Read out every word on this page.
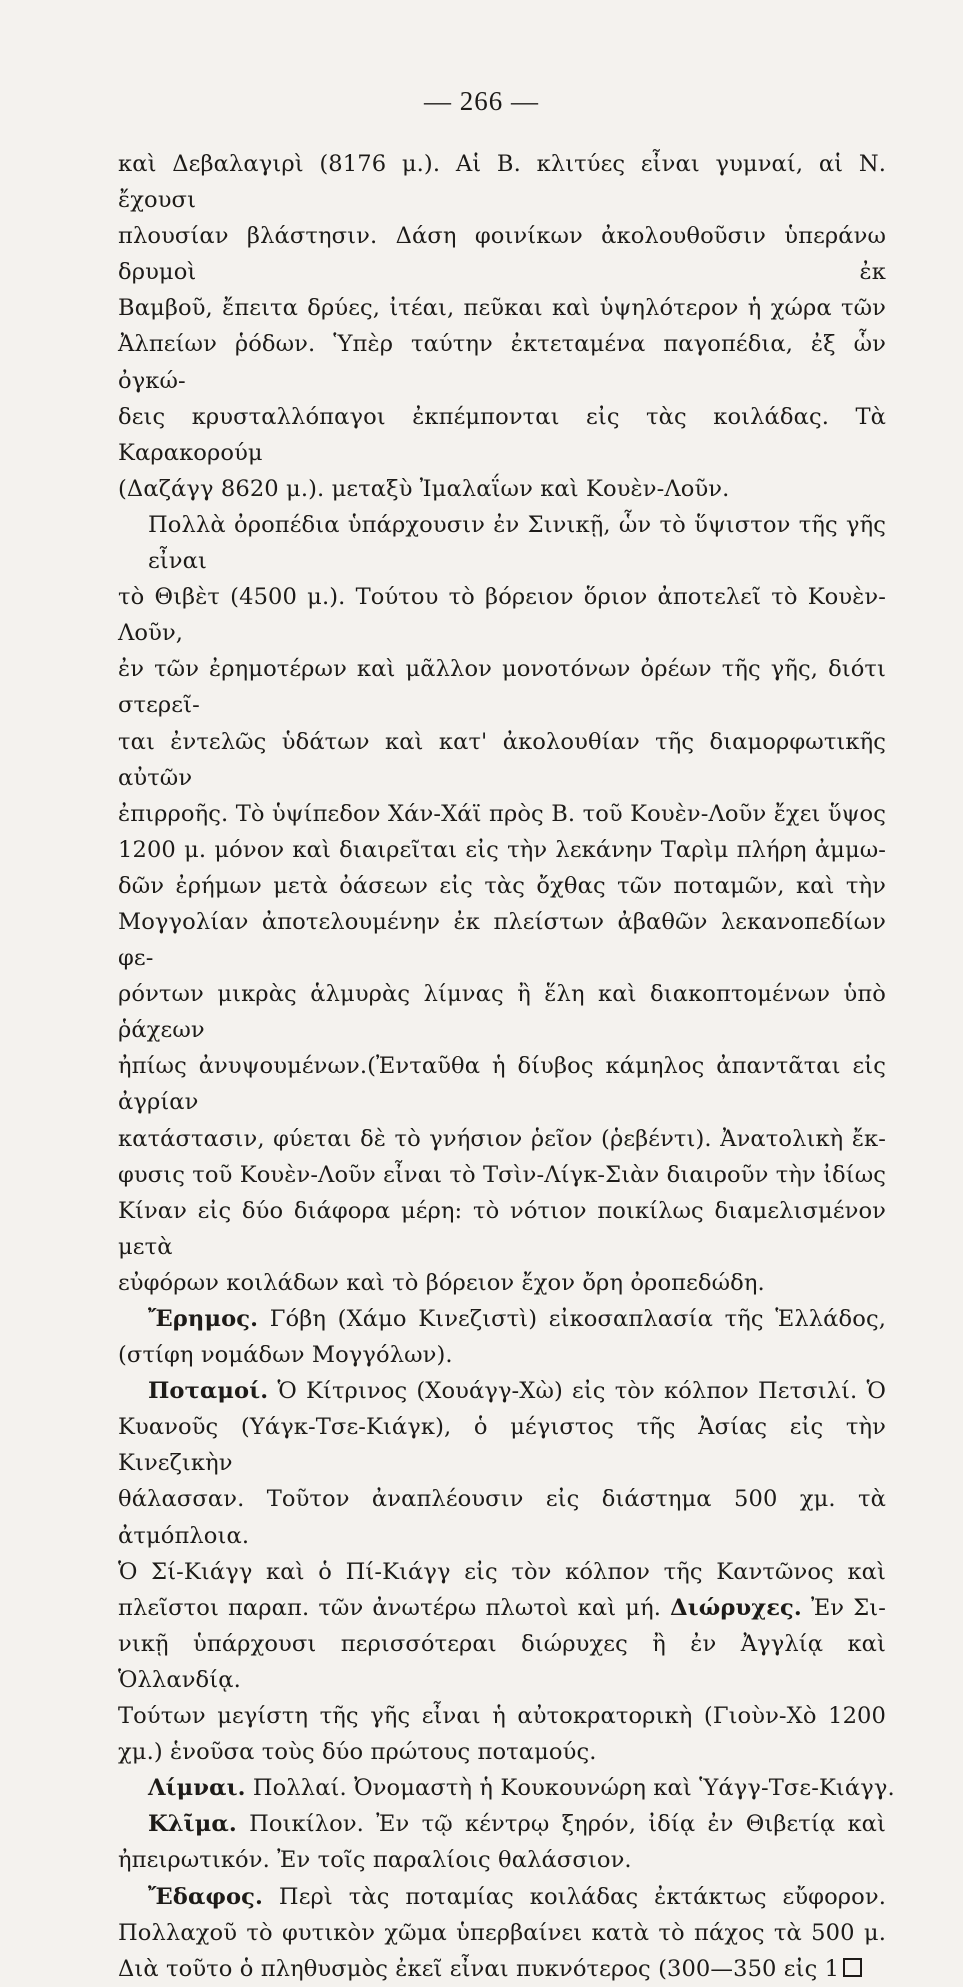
— 266 —
καὶ Δεβαλαγιρὶ (8176 μ.). Αἱ Β. κλιτύες εἶναι γυμναί, αἱ Ν. ἔχουσι
πλουσίαν βλάστησιν. Δάση φοινίκων ἀκολουθοῦσιν ὑπεράνω δρυμοὶ ἐκ
Βαμβοῦ, ἔπειτα δρύες, ἰτέαι, πεῦκαι καὶ ὑψηλότερον ἡ χώρα τῶν
Ἀλπείων ῥόδων. Ὑπὲρ ταύτην ἐκτεταμένα παγοπέδια, ἐξ ὧν ὀγκώ-
δεις κρυσταλλόπαγοι ἐκπέμπονται εἰς τὰς κοιλάδας. Τὰ Καρακορούμ
(Δαζάγγ 8620 μ.). μεταξὺ Ἰμαλαΐων καὶ Κουὲν-Λοῦν.
Πολλὰ ὀροπέδια ὑπάρχουσιν ἐν Σινικῇ, ὧν τὸ ὕψιστον τῆς γῆς εἶναι
τὸ Θιβὲτ (4500 μ.). Τούτου τὸ βόρειον ὅριον ἀποτελεῖ τὸ Κουὲν-Λοῦν,
ἐν τῶν ἐρημοτέρων καὶ μᾶλλον μονοτόνων ὀρέων τῆς γῆς, διότι στερεῖ-
ται ἐντελῶς ὑδάτων καὶ κατ' ἀκολουθίαν τῆς διαμορφωτικῆς αὐτῶν
ἐπιρροῆς. Τὸ ὑψίπεδον Χάν-Χάϊ πρὸς Β. τοῦ Κουὲν-Λοῦν ἔχει ὕψος
1200 μ. μόνον καὶ διαιρεῖται εἰς τὴν λεκάνην Ταρὶμ πλήρη ἀμμω-
δῶν ἐρήμων μετὰ ὀάσεων εἰς τὰς ὄχθας τῶν ποταμῶν, καὶ τὴν
Μογγολίαν ἀποτελουμένην ἐκ πλείστων ἀβαθῶν λεκανοπεδίων φε-
ρόντων μικρὰς ἁλμυρὰς λίμνας ἢ ἕλη καὶ διακοπτομένων ὑπὸ ῥάχεων
ἠπίως ἀνυψουμένων.(Ἐνταῦθα ἡ δίυβος κάμηλος ἀπαντᾶται εἰς ἀγρίαν
κατάστασιν, φύεται δὲ τὸ γνήσιον ῥεῖον (ῥεβέντι). Ἀνατολικὴ ἔκ-
φυσις τοῦ Κουὲν-Λοῦν εἶναι τὸ Τσὶν-Λίγκ-Σιὰν διαιροῦν τὴν ἰδίως
Κίναν εἰς δύο διάφορα μέρη: τὸ νότιον ποικίλως διαμελισμένον μετὰ
εὐφόρων κοιλάδων καὶ τὸ βόρειον ἔχον ὄρη ὀροπεδώδη.
Ἔρημος. Γόβη (Χάμο Κινεζιστὶ) εἰκοσαπλασία τῆς Ἑλλάδος,
(στίφη νομάδων Μογγόλων).
Ποταμοί. Ὁ Κίτρινος (Χουάγγ-Χὼ) εἰς τὸν κόλπον Πετσιλί. Ὁ
Κυανοῦς (Υάγκ-Τσε-Κιάγκ), ὁ μέγιστος τῆς Ἀσίας εἰς τὴν Κινεζικὴν
θάλασσαν. Τοῦτον ἀναπλέουσιν εἰς διάστημα 500 χμ. τὰ ἀτμόπλοια.
Ὁ Σί-Κιάγγ καὶ ὁ Πί-Κιάγγ εἰς τὸν κόλπον τῆς Καντῶνος καὶ
πλεῖστοι παραπ. τῶν ἀνωτέρω πλωτοὶ καὶ μή. Διώρυχες. Ἐν Σι-
νικῇ ὑπάρχουσι περισσότεραι διώρυχες ἢ ἐν Ἀγγλίᾳ καὶ Ὁλλανδίᾳ.
Τούτων μεγίστη τῆς γῆς εἶναι ἡ αὐτοκρατορικὴ (Γιοὺν-Χὸ 1200
χμ.) ἑνοῦσα τοὺς δύο πρώτους ποταμούς.
Λίμναι. Πολλαί. Ὀνομαστὴ ἡ Κουκουνώρη καὶ Ὑάγγ-Τσε-Κιάγγ.
Κλῖμα. Ποικίλον. Ἐν τῷ κέντρῳ ξηρόν, ἰδίᾳ ἐν Θιβετίᾳ καὶ
ἠπειρωτικόν. Ἐν τοῖς παραλίοις θαλάσσιον.
Ἔδαφος. Περὶ τὰς ποταμίας κοιλάδας ἐκτάκτως εὔφορον.
Πολλαχοῦ τὸ φυτικὸν χῶμα ὑπερβαίνει κατὰ τὸ πάχος τὰ 500 μ.
Διὰ τοῦτο ὁ πληθυσμὸς ἐκεῖ εἶναι πυκνότερος (300—350 εἰς 1
